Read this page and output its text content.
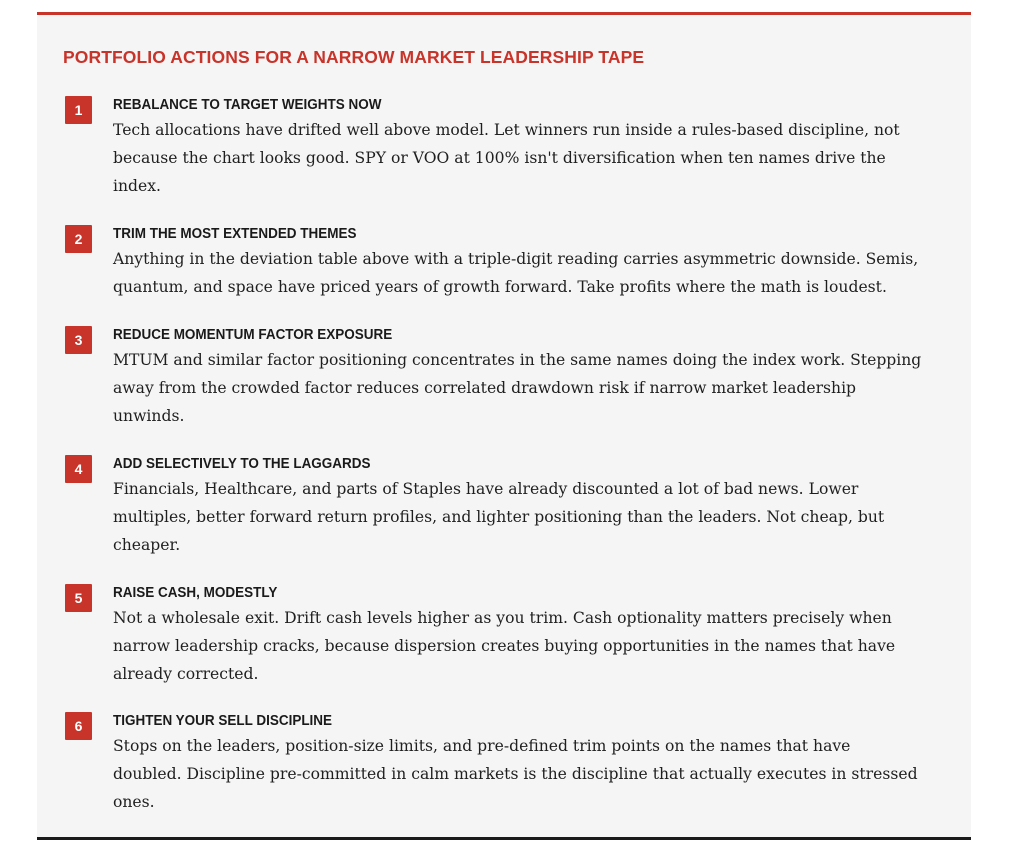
PORTFOLIO ACTIONS FOR A NARROW MARKET LEADERSHIP TAPE
1	REBALANCE TO TARGET WEIGHTS NOW

Tech allocations have drifted well above model. Let winners run inside a rules-based discipline, not
because the chart looks good. SPY or VOO at 100% isn't diversification when ten names drive the
index.

2	TRIM THE MOST EXTENDED THEMES

Anything in the deviation table above with a triple-digit reading carries asymmetric downside. Semis,
quantum, and space have priced years of growth forward. Take profits where the math is loudest.

3	REDUCE MOMENTUM FACTOR EXPOSURE

MTUM and similar factor positioning concentrates in the same names doing the index work. Stepping
away from the crowded factor reduces correlated drawdown risk if narrow market leadership
unwinds.

4	ADD SELECTIVELY TO THE LAGGARDS

Financials, Healthcare, and parts of Staples have already discounted a lot of bad news. Lower
multiples, better forward return profiles, and lighter positioning than the leaders. Not cheap, but
cheaper.

5	RAISE CASH, MODESTLY

Not a wholesale exit. Drift cash levels higher as you trim. Cash optionality matters precisely when
narrow leadership cracks, because dispersion creates buying opportunities in the names that have
already corrected.

6	TIGHTEN YOUR SELL DISCIPLINE

Stops on the leaders, position-size limits, and pre-defined trim points on the names that have
doubled. Discipline pre-committed in calm markets is the discipline that actually executes in stressed
ones.
